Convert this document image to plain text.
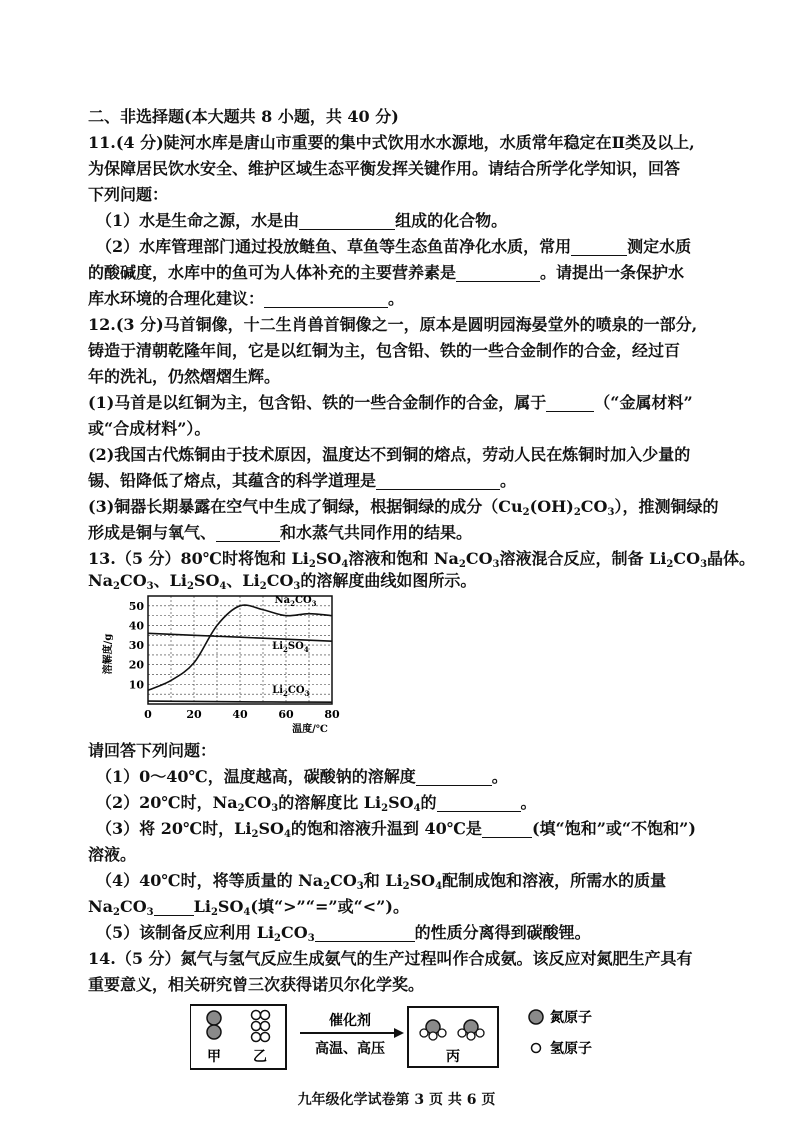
二、非选择题(本大题共 8 小题，共 40 分)
11.(4 分)陡河水库是唐山市重要的集中式饮用水水源地，水质常年稳定在Ⅱ类及以上,
为保障居民饮水安全、维护区域生态平衡发挥关键作用。请结合所学化学知识，回答
下列问题：
（1）水是生命之源，水是由	组成的化合物。
（2）水库管理部门通过投放鲢鱼、草鱼等生态鱼苗净化水质，常用	测定水质
的酸碱度，水库中的鱼可为人体补充的主要营养素是	。请提出一条保护水
库水环境的合理化建议：	。
12.(3 分)马首铜像，十二生肖兽首铜像之一，原本是圆明园海晏堂外的喷泉的一部分,
铸造于清朝乾隆年间，它是以红铜为主，包含铅、铁的一些合金制作的合金，经过百
年的洗礼，仍然熠熠生辉。
(1)马首是以红铜为主，包含铅、铁的一些合金制作的合金，属于	（“金属材料”
或“合成材料”）。
(2)我国古代炼铜由于技术原因，温度达不到铜的熔点，劳动人民在炼铜时加入少量的
锡、铅降低了熔点，其蕴含的科学道理是	。
(3)铜器长期暴露在空气中生成了铜绿，根据铜绿的成分$(Cu_2(OH)_2CO_3)$，推测铜绿的
形成是铜与氧气、	和水蒸气共同作用的结果。
13.（5 分）80℃时将饱和 $Li_2SO_4$溶液和饱和 $Na_2CO_3$溶液混合反应，制备 $Li_2CO_3$晶体。
$Na_2CO_3$、$Li_2SO_4$、$Li_2CO_3$的溶解度曲线如图所示。
$Na_2CO_3$
$Li_2SO_4$
$Li_2CO_3$
0	20	40	60	80
10
20
30
40
50
溶解度/g
温度/℃
请回答下列问题：
（1）0～40℃，温度越高，碳酸钠的溶解度	。
（2）20℃时，$Na_2CO_3$的溶解度比 $Li_2SO_4$的	。
（3）将 20℃时，$Li_2SO_4$的饱和溶液升温到 40℃是	(填“饱和”或“不饱和”)
溶液。
（4）40℃时，将等质量的 $Na_2CO_3$和 $Li_2SO_4$配制成饱和溶液，所需水的质量
$Na_2CO_3$	$Li_2SO_4$(填“>”“=”或“<”)。
（5）该制备反应利用 $Li_2CO_3$	的性质分离得到碳酸锂。
14.（5 分）氮气与氢气反应生成氨气的生产过程叫作合成氨。该反应对氮肥生产具有
重要意义，相关研究曾三次获得诺贝尔化学奖。
甲 乙
催化剂
高温、高压	丙
氮原子
氢原子
九年级化学试卷第 3 页 共 6 页
